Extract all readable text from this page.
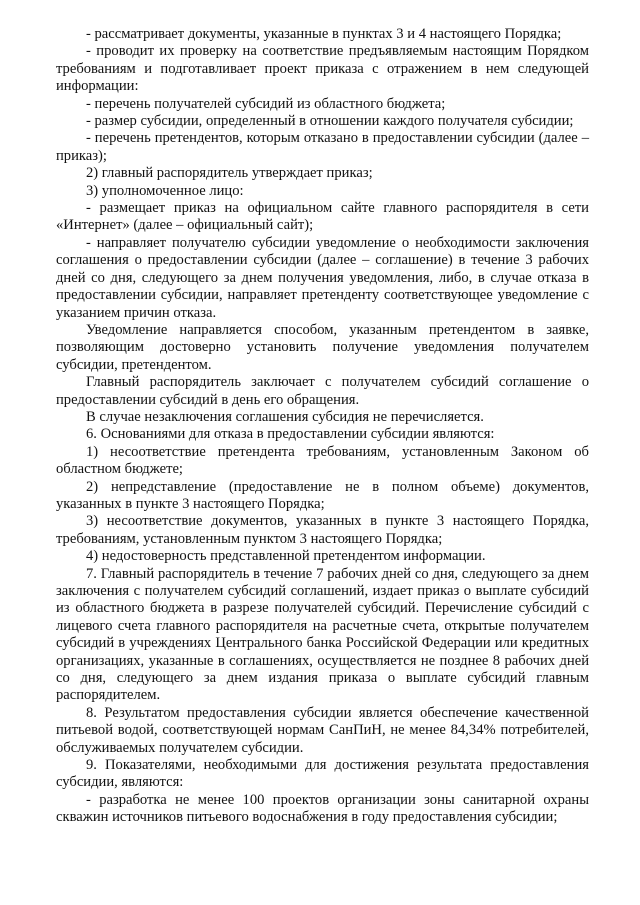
- рассматривает документы, указанные в пунктах 3 и 4 настоящего Порядка;

- проводит их проверку на соответствие предъявляемым настоящим Порядком требованиям и подготавливает проект приказа с отражением в нем следующей информации:

- перечень получателей субсидий из областного бюджета;

- размер субсидии, определенный в отношении каждого получателя субсидии;

- перечень претендентов, которым отказано в предоставлении субсидии (далее – приказ);

2) главный распорядитель утверждает приказ;

3) уполномоченное лицо:

- размещает приказ на официальном сайте главного распорядителя в сети «Интернет» (далее – официальный сайт);

- направляет получателю субсидии уведомление о необходимости заключения соглашения о предоставлении субсидии (далее – соглашение) в течение 3 рабочих дней со дня, следующего за днем получения уведомления, либо, в случае отказа в предоставлении субсидии, направляет претенденту соответствующее уведомление с указанием причин отказа.

Уведомление направляется способом, указанным претендентом в заявке, позволяющим достоверно установить получение уведомления получателем субсидии, претендентом.

Главный распорядитель заключает с получателем субсидий соглашение о предоставлении субсидий в день его обращения.

В случае незаключения соглашения субсидия не перечисляется.

6. Основаниями для отказа в предоставлении субсидии являются:

1) несоответствие претендента требованиям, установленным Законом об областном бюджете;

2) непредставление (предоставление не в полном объеме) документов, указанных в пункте 3 настоящего Порядка;

3) несоответствие документов, указанных в пункте 3 настоящего Порядка, требованиям, установленным пунктом 3 настоящего Порядка;

4) недостоверность представленной претендентом информации.

7. Главный распорядитель в течение 7 рабочих дней со дня, следующего за днем заключения с получателем субсидий соглашений, издает приказ о выплате субсидий из областного бюджета в разрезе получателей субсидий. Перечисление субсидий с лицевого счета главного распорядителя на расчетные счета, открытые получателем субсидий в учреждениях Центрального банка Российской Федерации или кредитных организациях, указанные в соглашениях, осуществляется не позднее 8 рабочих дней со дня, следующего за днем издания приказа о выплате субсидий главным распорядителем.

8. Результатом предоставления субсидии является обеспечение качественной питьевой водой, соответствующей нормам СанПиН, не менее 84,34% потребителей, обслуживаемых получателем субсидии.

9. Показателями, необходимыми для достижения результата предоставления субсидии, являются:

- разработка не менее 100 проектов организации зоны санитарной охраны скважин источников питьевого водоснабжения в году предоставления субсидии;
